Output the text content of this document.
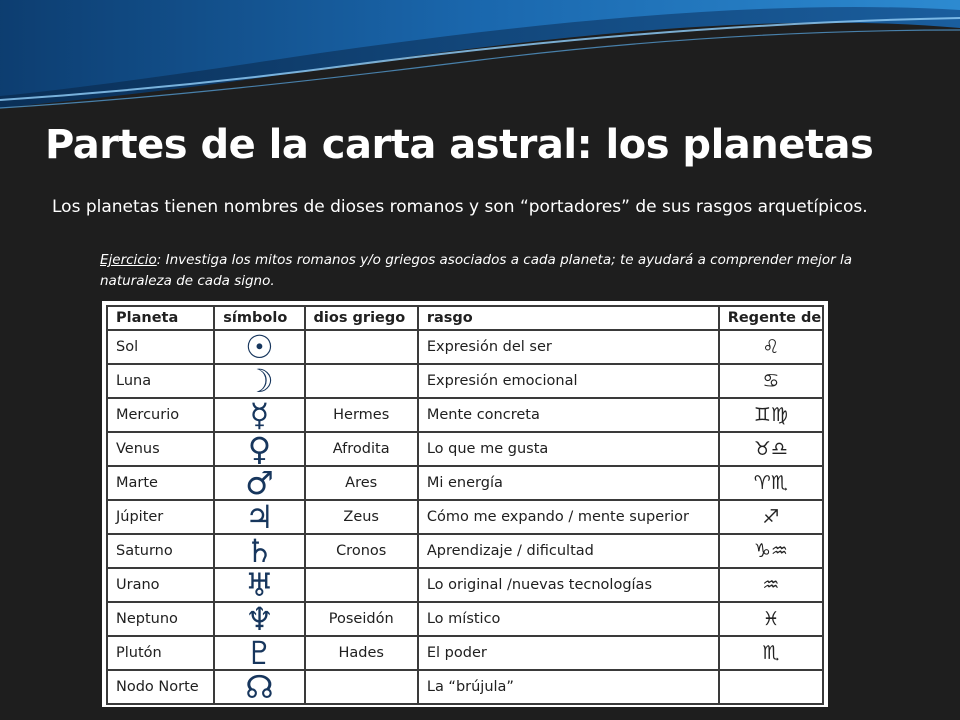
Partes de la carta astral: los planetas

Los planetas tienen nombres de dioses romanos y son “portadores” de sus rasgos arquetípicos.

Ejercicio: Investiga los mitos romanos y/o griegos asociados a cada planeta; te ayudará a comprender mejor la naturaleza de cada signo.

Planeta	símbolo	dios griego	rasgo	Regente de
Sol	☉		Expresión del ser	♌
Luna	☽		Expresión emocional	♋
Mercurio	☿	Hermes	Mente concreta	♊♍
Venus	♀	Afrodita	Lo que me gusta	♉♎
Marte	♂	Ares	Mi energía	♈♏
Júpiter	♃	Zeus	Cómo me expando / mente superior	♐
Saturno	♄	Cronos	Aprendizaje / dificultad	♑♒
Urano	♅		Lo original /nuevas tecnologías	♒
Neptuno	♆	Poseidón	Lo místico	♓
Plutón	♇	Hades	El poder	♏
Nodo Norte	☊		La “brújula”	
